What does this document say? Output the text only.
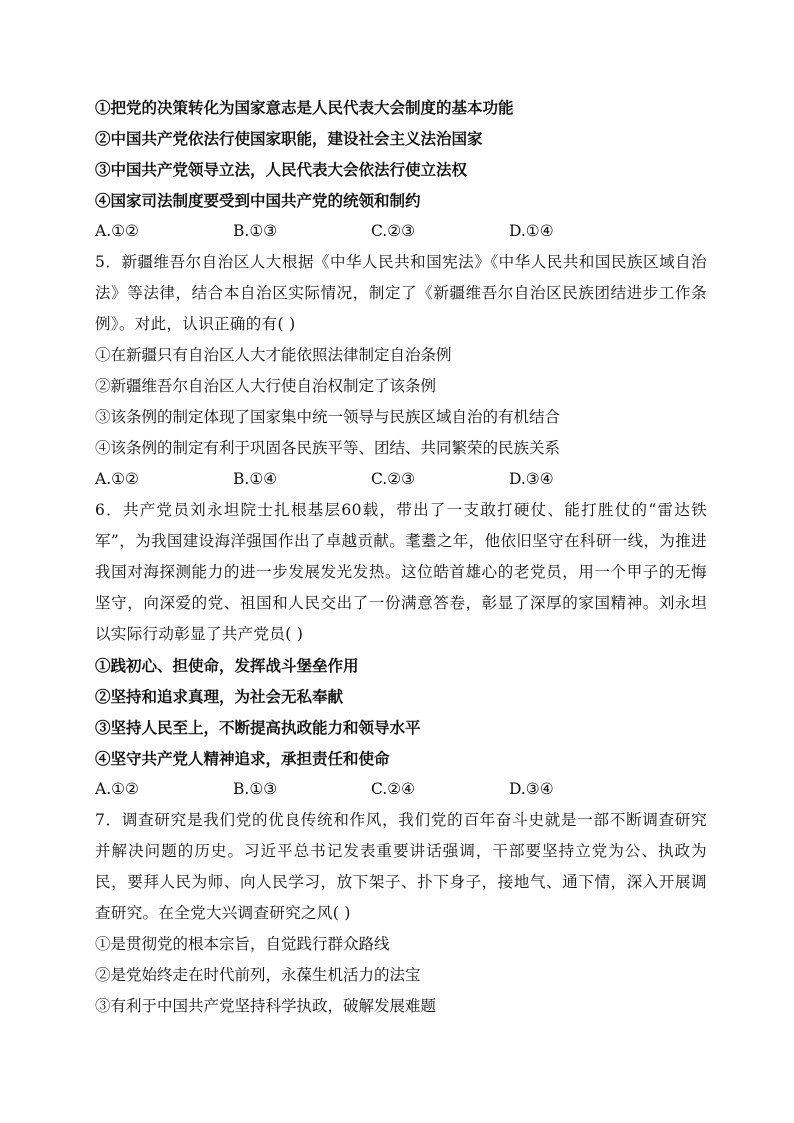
①把党的决策转化为国家意志是人民代表大会制度的基本功能
②中国共产党依法行使国家职能，建设社会主义法治国家
③中国共产党领导立法，人民代表大会依法行使立法权
④国家司法制度要受到中国共产党的统领和制约
A.①②	B.①③	C.②③	D.①④

5．新疆维吾尔自治区人大根据《中华人民共和国宪法》《中华人民共和国民族区域自治法》等法律，结合本自治区实际情况，制定了《新疆维吾尔自治区民族团结进步工作条例》。对此，认识正确的有( )

①在新疆只有自治区人大才能依照法律制定自治条例
②新疆维吾尔自治区人大行使自治权制定了该条例
③该条例的制定体现了国家集中统一领导与民族区域自治的有机结合
④该条例的制定有利于巩固各民族平等、团结、共同繁荣的民族关系
A.①②	B.①④	C.②③	D.③④

6．共产党员刘永坦院士扎根基层60载，带出了一支敢打硬仗、能打胜仗的“雷达铁军”，为我国建设海洋强国作出了卓越贡献。耄耋之年，他依旧坚守在科研一线，为推进我国对海探测能力的进一步发展发光发热。这位皓首雄心的老党员，用一个甲子的无悔坚守，向深爱的党、祖国和人民交出了一份满意答卷，彰显了深厚的家国精神。刘永坦以实际行动彰显了共产党员( )

①践初心、担使命，发挥战斗堡垒作用
②坚持和追求真理，为社会无私奉献
③坚持人民至上，不断提高执政能力和领导水平
④坚守共产党人精神追求，承担责任和使命
A.①②	B.①③	C.②④	D.③④

7．调查研究是我们党的优良传统和作风，我们党的百年奋斗史就是一部不断调查研究并解决问题的历史。习近平总书记发表重要讲话强调，干部要坚持立党为公、执政为民，要拜人民为师、向人民学习，放下架子、扑下身子，接地气、通下情，深入开展调查研究。在全党大兴调查研究之风( )

①是贯彻党的根本宗旨，自觉践行群众路线
②是党始终走在时代前列，永葆生机活力的法宝
③有利于中国共产党坚持科学执政，破解发展难题
